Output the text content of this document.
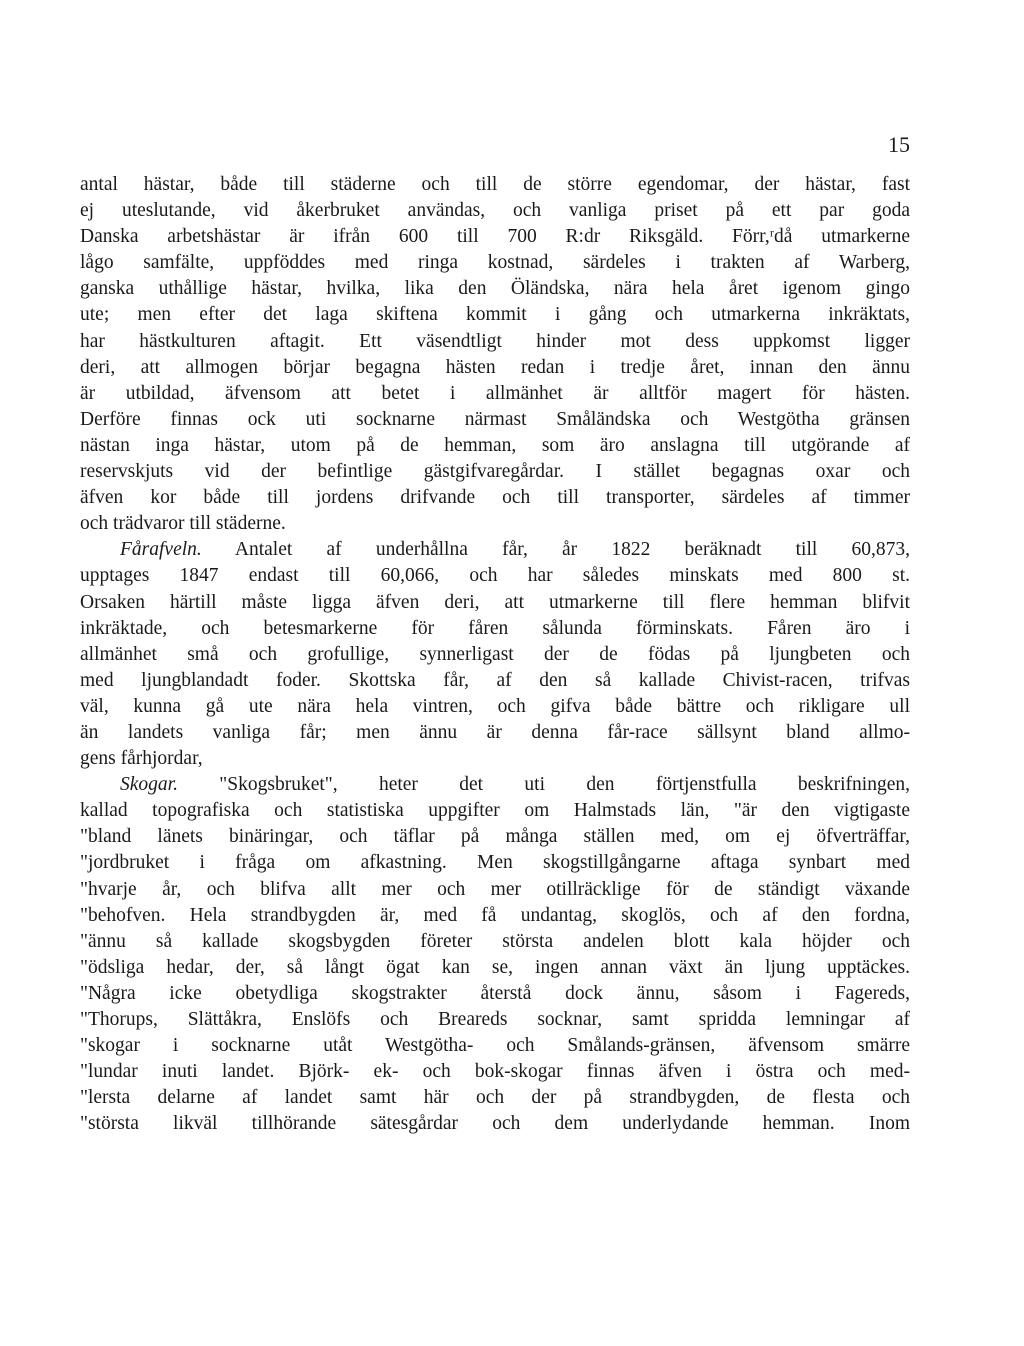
15
antal hästar, både till städerne och till de större egendomar, der hästar, fast
ej uteslutande, vid åkerbruket användas, och vanliga priset på ett par goda
Danska arbetshästar är ifrån 600 till 700 R:dr Riksgäld. Förr,ʳdå utmarkerne
lågo samfälte, uppföddes med ringa kostnad, särdeles i trakten af Warberg,
ganska uthållige hästar, hvilka, lika den Öländska, nära hela året igenom gingo
ute; men efter det laga skiftena kommit i gång och utmarkerna inkräktats,
har hästkulturen aftagit. Ett väsendtligt hinder mot dess uppkomst ligger
deri, att allmogen börjar begagna hästen redan i tredje året, innan den ännu
är utbildad, äfvensom att betet i allmänhet är alltför magert för hästen.
Derföre finnas ock uti socknarne närmast Småländska och Westgötha gränsen
nästan inga hästar, utom på de hemman, som äro anslagna till utgörande af
reservskjuts vid der befintlige gästgifvaregårdar. I stället begagnas oxar och
äfven kor både till jordens drifvande och till transporter, särdeles af timmer
och trädvaror till städerne.
Fårafveln. Antalet af underhållna får, år 1822 beräknadt till 60,873,
upptages 1847 endast till 60,066, och har således minskats med 800 st.
Orsaken härtill måste ligga äfven deri, att utmarkerne till flere hemman blifvit
inkräktade, och betesmarkerne för fåren sålunda förminskats. Fåren äro i
allmänhet små och grofullige, synnerligast der de födas på ljungbeten och
med ljungblandadt foder. Skottska får, af den så kallade Chivist-racen, trifvas
väl, kunna gå ute nära hela vintren, och gifva både bättre och rikligare ull
än landets vanliga får; men ännu är denna får-race sällsynt bland allmo-
gens fårhjordar,
Skogar. "Skogsbruket", heter det uti den förtjenstfulla beskrifningen,
kallad topografiska och statistiska uppgifter om Halmstads län, "är den vigtigaste
"bland länets binäringar, och täflar på många ställen med, om ej öfverträffar,
"jordbruket i fråga om afkastning. Men skogstillgångarne aftaga synbart med
"hvarje år, och blifva allt mer och mer otillräcklige för de ständigt växande
"behofven. Hela strandbygden är, med få undantag, skoglös, och af den fordna,
"ännu så kallade skogsbygden företer största andelen blott kala höjder och
"ödsliga hedar, der, så långt ögat kan se, ingen annan växt än ljung upptäckes.
"Några icke obetydliga skogstrakter återstå dock ännu, såsom i Fagereds,
"Thorups, Slättåkra, Enslöfs och Breareds socknar, samt spridda lemningar af
"skogar i socknarne utåt Westgötha- och Smålands-gränsen, äfvensom smärre
"lundar inuti landet. Björk- ek- och bok-skogar finnas äfven i östra och med-
"lersta delarne af landet samt här och der på strandbygden, de flesta och
"största likväl tillhörande sätesgårdar och dem underlydande hemman. Inom
